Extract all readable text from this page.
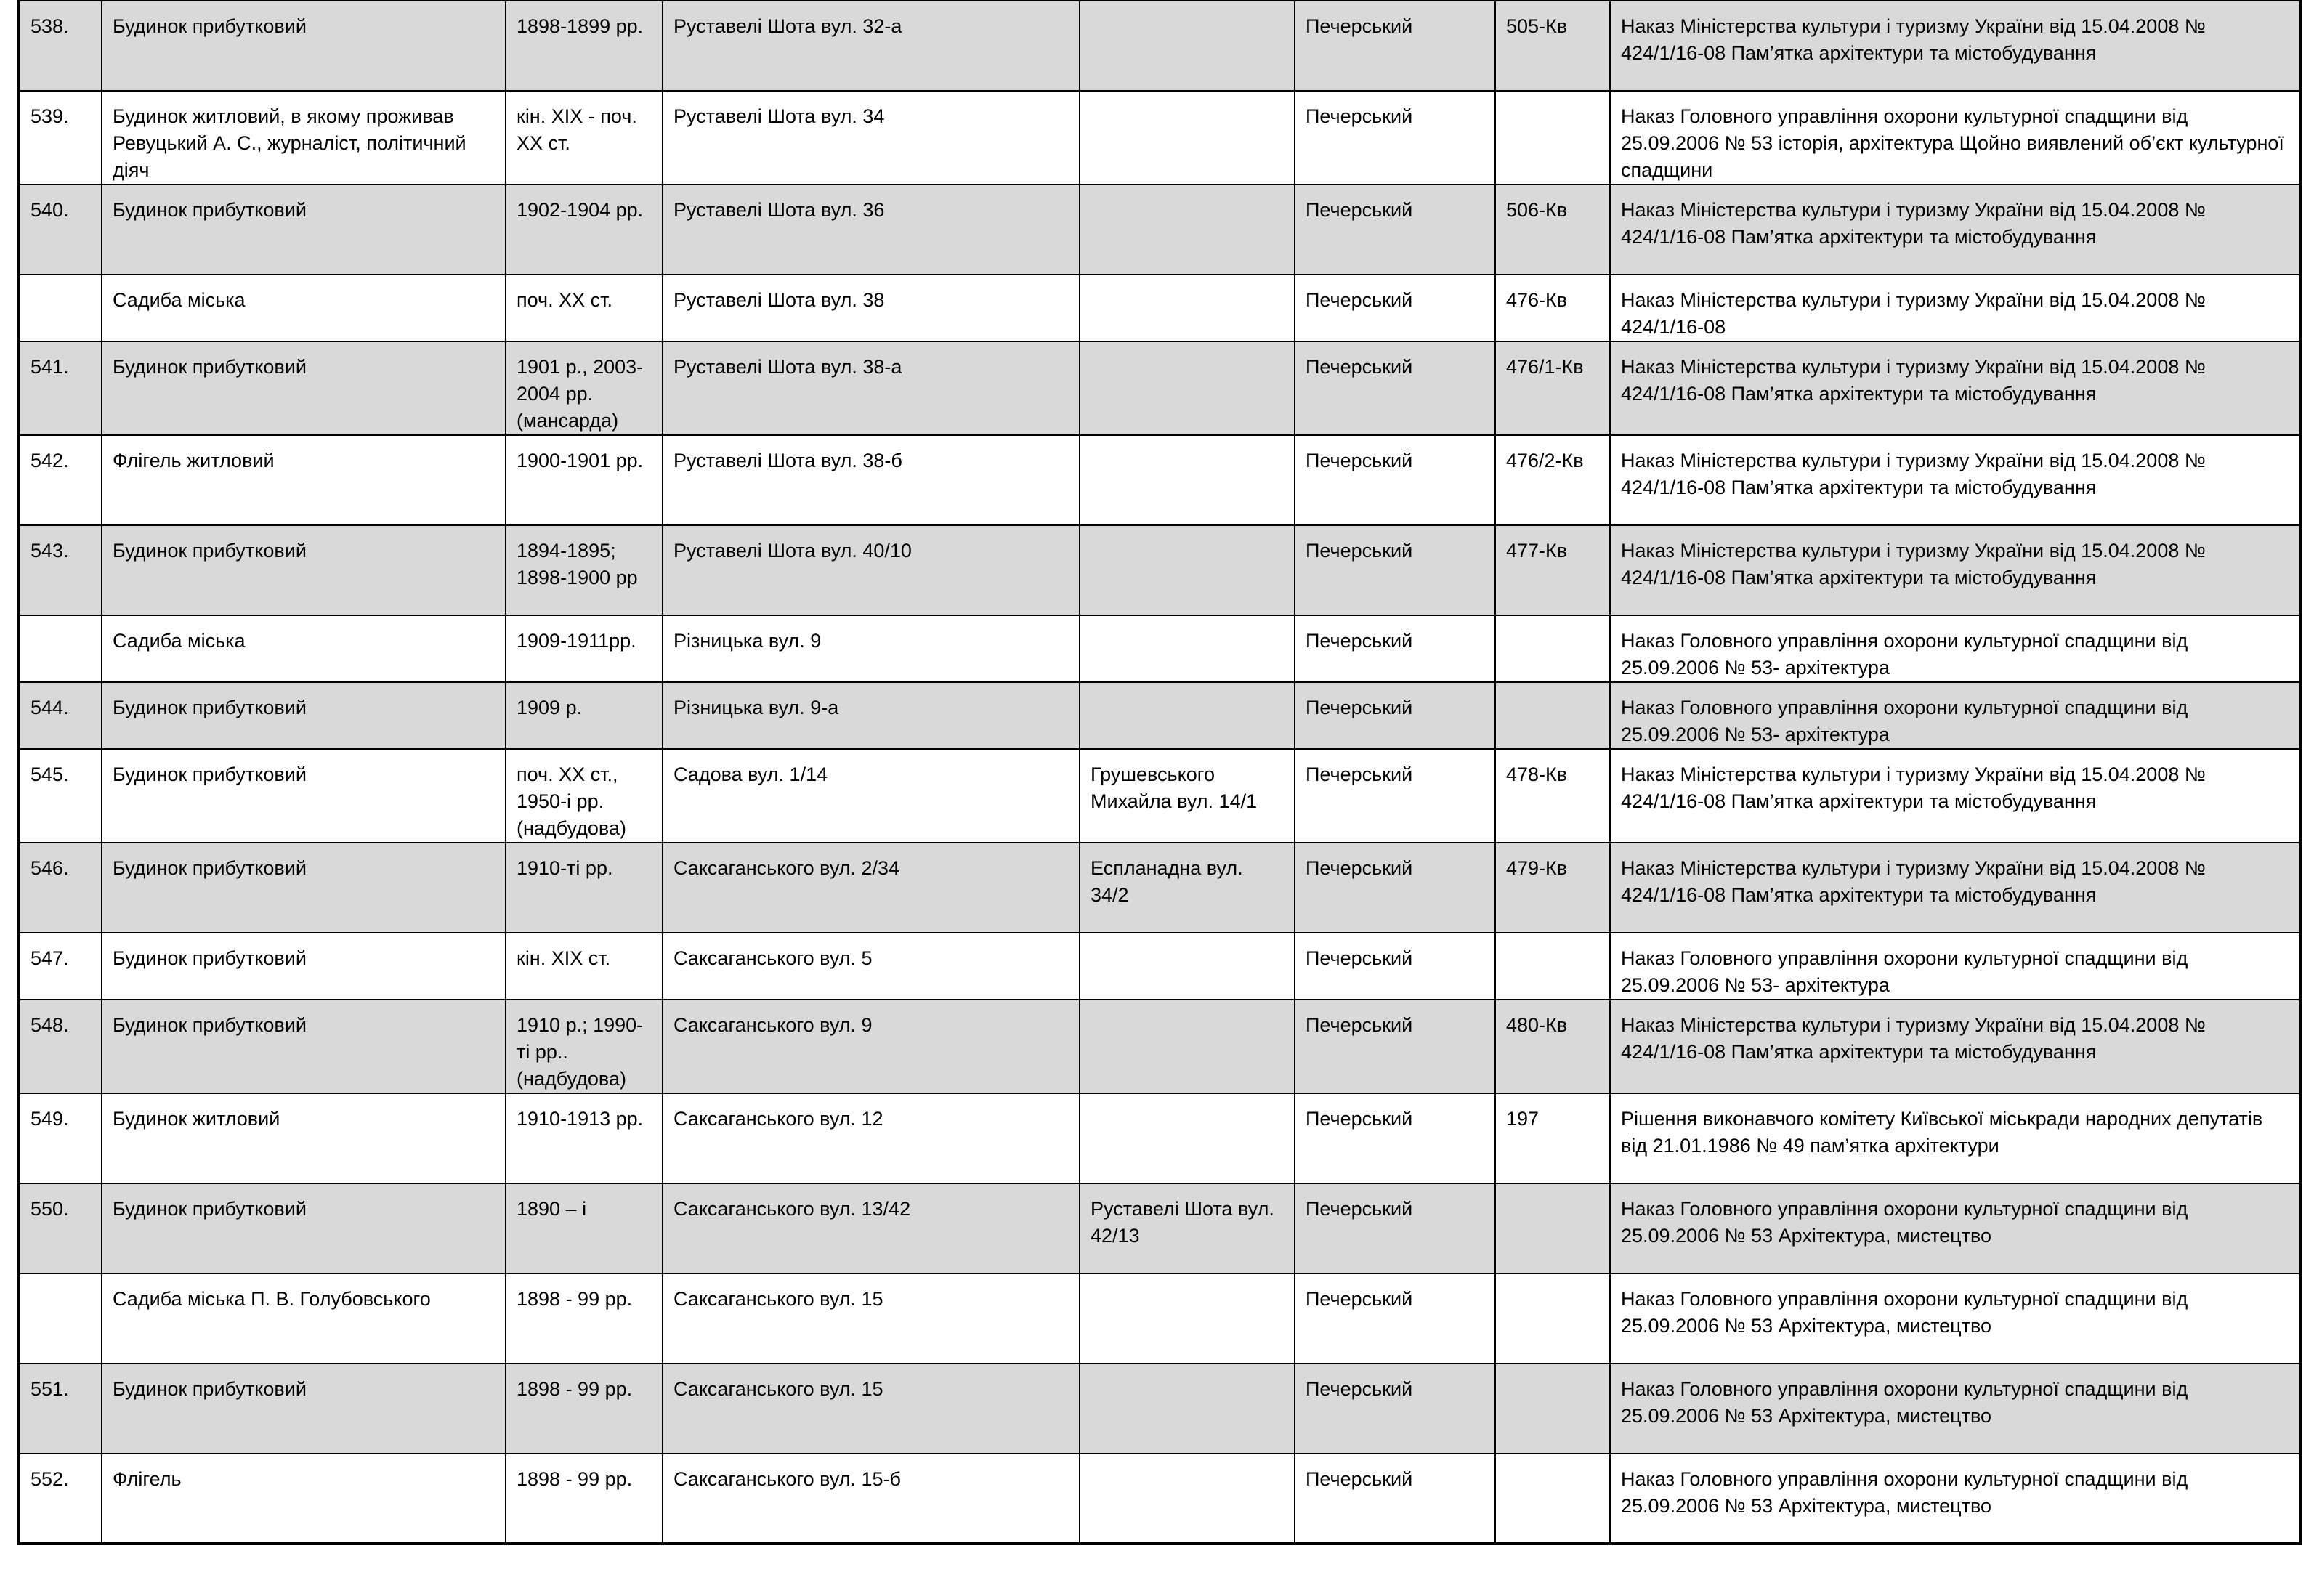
538.	Будинок прибутковий	1898-1899 рр.	Руставелі Шота вул. 32-а		Печерський	505-Кв	Наказ Міністерства культури і туризму України від 15.04.2008 № 424/1/16-08 Пам’ятка архітектури та містобудування
539.	Будинок житловий, в якому проживав Ревуцький А. С., журналіст, політичний діяч	кін. ХІХ - поч. ХХ ст.	Руставелі Шота вул. 34		Печерський		Наказ Головного управління охорони культурної спадщини від 25.09.2006 № 53 історія, архітектура Щойно виявлений об’єкт культурної спадщини
540.	Будинок прибутковий	1902-1904 рр.	Руставелі Шота вул. 36		Печерський	506-Кв	Наказ Міністерства культури і туризму України від 15.04.2008 № 424/1/16-08 Пам’ятка архітектури та містобудування
	Садиба міська	поч. ХХ ст.	Руставелі Шота вул. 38		Печерський	476-Кв	Наказ Міністерства культури і туризму України від 15.04.2008 № 424/1/16-08
541.	Будинок прибутковий	1901 р., 2003-2004 рр. (мансарда)	Руставелі Шота вул. 38-а		Печерський	476/1-Кв	Наказ Міністерства культури і туризму України від 15.04.2008 № 424/1/16-08 Пам’ятка архітектури та містобудування
542.	Флігель житловий	1900-1901 рр.	Руставелі Шота вул. 38-б		Печерський	476/2-Кв	Наказ Міністерства культури і туризму України від 15.04.2008 № 424/1/16-08 Пам’ятка архітектури та містобудування
543.	Будинок прибутковий	1894-1895; 1898-1900 рр	Руставелі Шота вул. 40/10		Печерський	477-Кв	Наказ Міністерства культури і туризму України від 15.04.2008 № 424/1/16-08 Пам’ятка архітектури та містобудування
	Садиба міська	1909-1911рр.	Різницька вул. 9		Печерський		Наказ Головного управління охорони культурної спадщини від 25.09.2006 № 53- архітектура
544.	Будинок прибутковий	1909 р.	Різницька вул. 9-а		Печерський		Наказ Головного управління охорони культурної спадщини від 25.09.2006 № 53- архітектура
545.	Будинок прибутковий	поч. ХХ ст., 1950-і рр. (надбудова)	Садова вул. 1/14	Грушевського Михайла вул. 14/1	Печерський	478-Кв	Наказ Міністерства культури і туризму України від 15.04.2008 № 424/1/16-08 Пам’ятка архітектури та містобудування
546.	Будинок прибутковий	1910-ті рр.	Саксаганського вул. 2/34	Еспланадна вул. 34/2	Печерський	479-Кв	Наказ Міністерства культури і туризму України від 15.04.2008 № 424/1/16-08 Пам’ятка архітектури та містобудування
547.	Будинок прибутковий	кін. ХІХ ст.	Саксаганського вул. 5		Печерський		Наказ Головного управління охорони культурної спадщини від 25.09.2006 № 53- архітектура
548.	Будинок прибутковий	1910 р.; 1990-ті рр.. (надбудова)	Саксаганського вул. 9		Печерський	480-Кв	Наказ Міністерства культури і туризму України від 15.04.2008 № 424/1/16-08 Пам’ятка архітектури та містобудування
549.	Будинок житловий	1910-1913 рр.	Саксаганського вул. 12		Печерський	197	Рішення виконавчого комітету Київської міськради народних депутатів від 21.01.1986 № 49 пам’ятка архітектури
550.	Будинок прибутковий	1890 – і	Саксаганського вул. 13/42	Руставелі Шота вул. 42/13	Печерський		Наказ Головного управління охорони культурної спадщини від 25.09.2006 № 53 Архітектура, мистецтво
	Садиба міська П. В. Голубовського	1898 - 99 рр.	Саксаганського вул. 15		Печерський		Наказ Головного управління охорони культурної спадщини від 25.09.2006 № 53 Архітектура, мистецтво
551.	Будинок прибутковий	1898 - 99 рр.	Саксаганського вул. 15		Печерський		Наказ Головного управління охорони культурної спадщини від 25.09.2006 № 53 Архітектура, мистецтво
552.	Флігель	1898 - 99 рр.	Саксаганського вул. 15-б		Печерський		Наказ Головного управління охорони культурної спадщини від 25.09.2006 № 53 Архітектура, мистецтво
